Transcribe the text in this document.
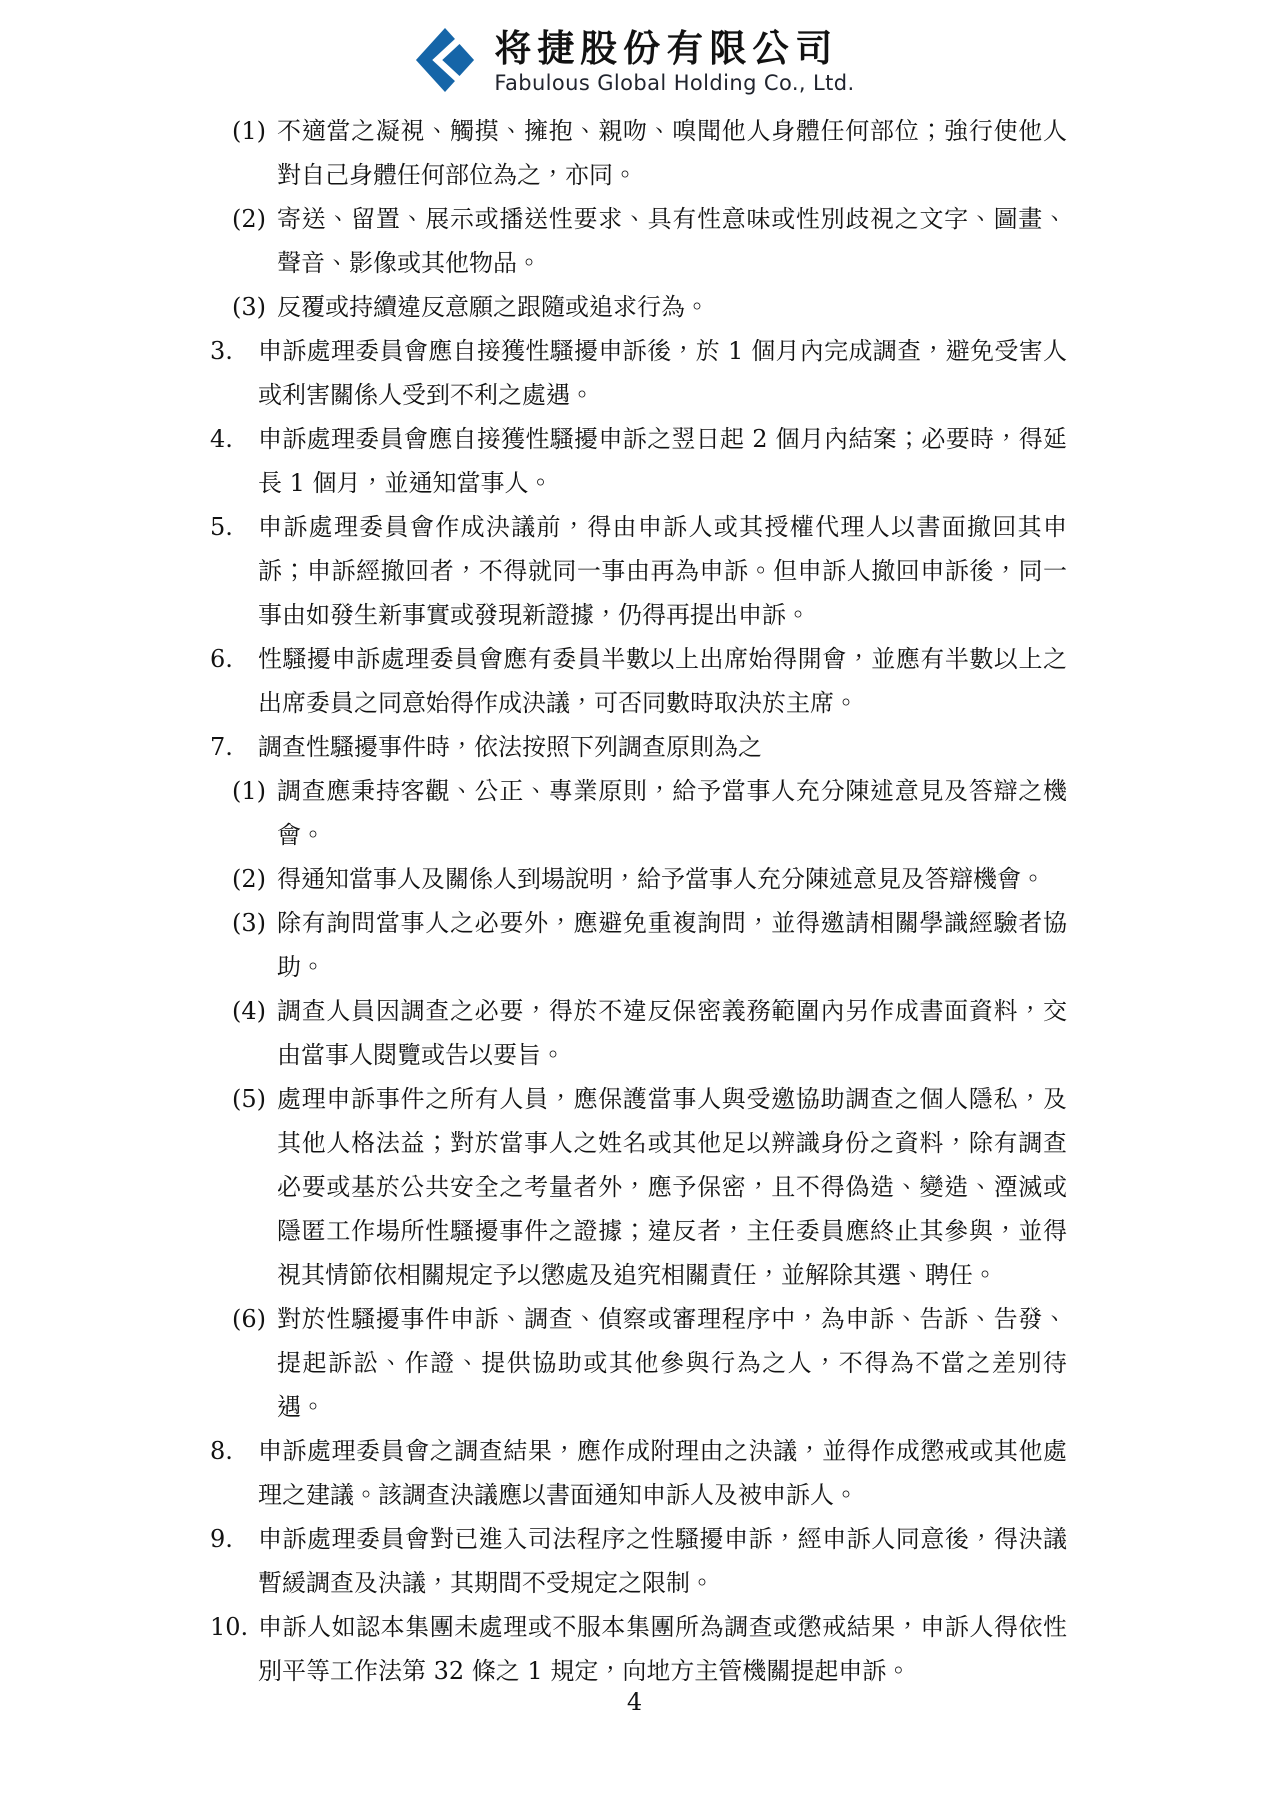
将捷股份有限公司
Fabulous Global Holding Co., Ltd.
(1) 不適當之凝視、觸摸、擁抱、親吻、嗅聞他人身體任何部位；強行使他人對自己身體任何部位為之，亦同。
(2) 寄送、留置、展示或播送性要求、具有性意味或性別歧視之文字、圖畫、聲音、影像或其他物品。
(3) 反覆或持續違反意願之跟隨或追求行為。
3.	申訴處理委員會應自接獲性騷擾申訴後，於 1 個月內完成調查，避免受害人或利害關係人受到不利之處遇。
4.	申訴處理委員會應自接獲性騷擾申訴之翌日起 2 個月內結案；必要時，得延長 1 個月，並通知當事人。
5.	申訴處理委員會作成決議前，得由申訴人或其授權代理人以書面撤回其申訴；申訴經撤回者，不得就同一事由再為申訴。但申訴人撤回申訴後，同一事由如發生新事實或發現新證據，仍得再提出申訴。
6.	性騷擾申訴處理委員會應有委員半數以上出席始得開會，並應有半數以上之出席委員之同意始得作成決議，可否同數時取決於主席。
7.	調查性騷擾事件時，依法按照下列調查原則為之
(1) 調查應秉持客觀、公正、專業原則，給予當事人充分陳述意見及答辯之機會。
(2) 得通知當事人及關係人到場說明，給予當事人充分陳述意見及答辯機會。
(3) 除有詢問當事人之必要外，應避免重複詢問，並得邀請相關學識經驗者協助。
(4) 調查人員因調查之必要，得於不違反保密義務範圍內另作成書面資料，交由當事人閱覽或告以要旨。
(5) 處理申訴事件之所有人員，應保護當事人與受邀協助調查之個人隱私，及其他人格法益；對於當事人之姓名或其他足以辨識身份之資料，除有調查必要或基於公共安全之考量者外，應予保密，且不得偽造、變造、湮滅或隱匿工作場所性騷擾事件之證據；違反者，主任委員應終止其參與，並得視其情節依相關規定予以懲處及追究相關責任，並解除其選、聘任。
(6) 對於性騷擾事件申訴、調查、偵察或審理程序中，為申訴、告訴、告發、提起訴訟、作證、提供協助或其他參與行為之人，不得為不當之差別待遇。
8.	申訴處理委員會之調查結果，應作成附理由之決議，並得作成懲戒或其他處理之建議。該調查決議應以書面通知申訴人及被申訴人。
9.	申訴處理委員會對已進入司法程序之性騷擾申訴，經申訴人同意後，得決議暫緩調查及決議，其期間不受規定之限制。
10. 申訴人如認本集團未處理或不服本集團所為調查或懲戒結果，申訴人得依性別平等工作法第 32 條之 1 規定，向地方主管機關提起申訴。
4
